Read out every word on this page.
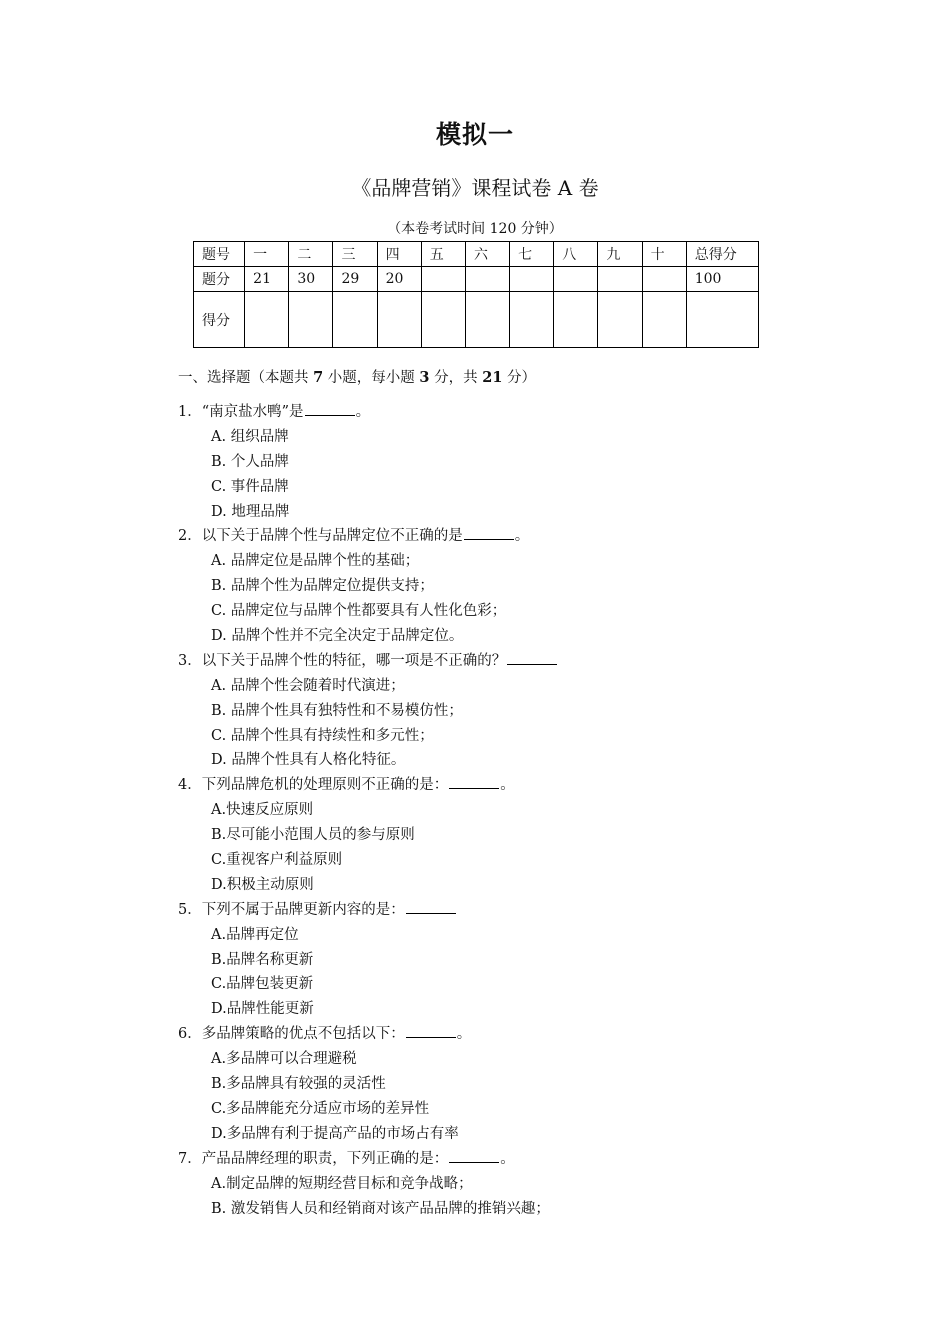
模拟一
《品牌营销》课程试卷 A 卷
（本卷考试时间 120 分钟）
题号	一	二	三	四	五	六	七	八	九	十	总得分
题分	21	30	29	20							100
得分											
一、选择题（本题共 7 小题，每小题 3 分，共 21 分）
1．“南京盐水鸭”是	。
A. 组织品牌
B. 个人品牌
C. 事件品牌
D. 地理品牌
2．以下关于品牌个性与品牌定位不正确的是	。
A. 品牌定位是品牌个性的基础；
B. 品牌个性为品牌定位提供支持；
C. 品牌定位与品牌个性都要具有人性化色彩；
D. 品牌个性并不完全决定于品牌定位。
3．以下关于品牌个性的特征，哪一项是不正确的？
A. 品牌个性会随着时代演进；
B. 品牌个性具有独特性和不易模仿性；
C. 品牌个性具有持续性和多元性；
D. 品牌个性具有人格化特征。
4．下列品牌危机的处理原则不正确的是：	。
A.快速反应原则
B.尽可能小范围人员的参与原则
C.重视客户利益原则
D.积极主动原则
5．下列不属于品牌更新内容的是：
A.品牌再定位
B.品牌名称更新
C.品牌包装更新
D.品牌性能更新
6．多品牌策略的优点不包括以下：	。
A.多品牌可以合理避税
B.多品牌具有较强的灵活性
C.多品牌能充分适应市场的差异性
D.多品牌有利于提高产品的市场占有率
7．产品品牌经理的职责，下列正确的是：	。
A.制定品牌的短期经营目标和竞争战略；
B. 激发销售人员和经销商对该产品品牌的推销兴趣；
